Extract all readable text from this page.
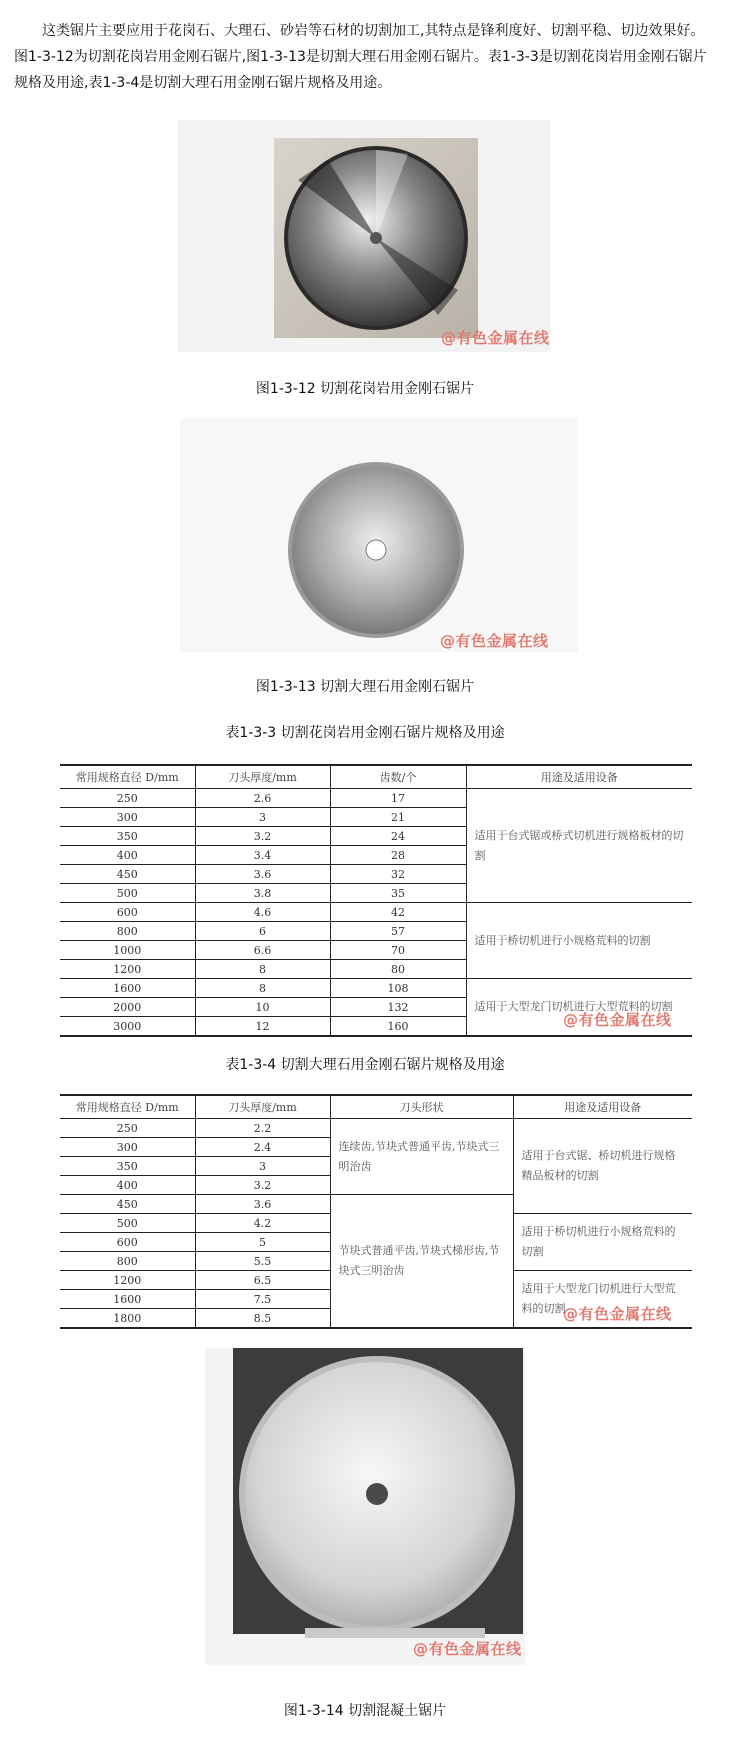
这类锯片主要应用于花岗石、大理石、砂岩等石材的切割加工,其特点是锋利度好、切割平稳、切边效果好。图1-3-12为切割花岗岩用金刚石锯片,图1-3-13是切割大理石用金刚石锯片。表1-3-3是切割花岗岩用金刚石锯片规格及用途,表1-3-4是切割大理石用金刚石锯片规格及用途。
@有色金属在线
图1-3-12 切割花岗岩用金刚石锯片
@有色金属在线
图1-3-13 切割大理石用金刚石锯片
表1-3-3 切割花岗岩用金刚石锯片规格及用途
常用规格直径 D/mm	刀头厚度/mm	齿数/个	用途及适用设备
250	2.6	17	适用于台式锯或桥式切机进行规格板材的切割
300	3	21	
350	3.2	24	
400	3.4	28	
450	3.6	32	
500	3.8	35	
600	4.6	42	适用于桥切机进行小规格荒料的切割
800	6	57	
1000	6.6	70	
1200	8	80	
1600	8	108	适用于大型龙门切机进行大型荒料的切割
2000	10	132	
3000	12	160		@有色金属在线
表1-3-4 切割大理石用金刚石锯片规格及用途
常用规格直径 D/mm	刀头厚度/mm	刀头形状	用途及适用设备
250	2.2	连续齿,节块式普通平齿,节块式三明治齿	适用于台式锯、桥切机进行规格精品板材的切割
300	2.4		
350	3		
400	3.2		
450	3.6	节块式普通平齿,节块式梯形齿,节块式三明治齿	
500	4.2		适用于桥切机进行小规格荒料的切割
600	5		
800	5.5		
1200	6.5		适用于大型龙门切机进行大型荒料的切割
1600	7.5		
1800	8.5			@有色金属在线
@有色金属在线
图1-3-14 切割混凝土锯片
